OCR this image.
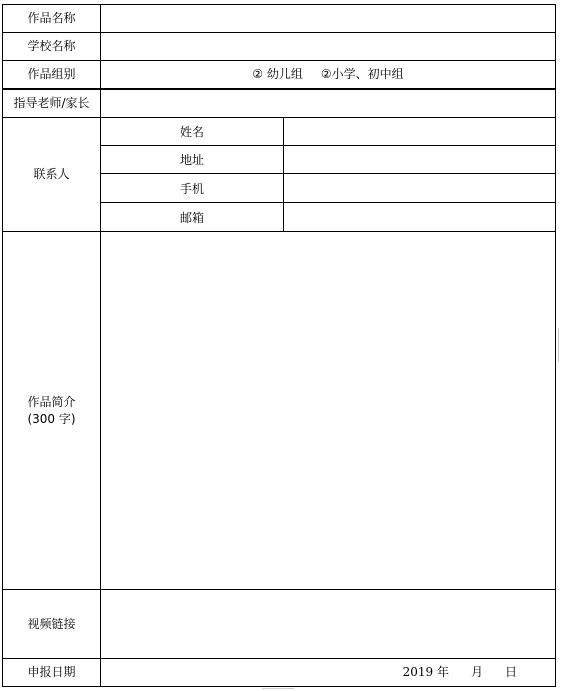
作品名称
学校名称
作品组别	② 幼儿组 ②小学、初中组
指导老师/家长
联系人
姓名
地址
手机
邮箱
作品简介
(300 字)
视频链接
申报日期	2019 年 月 日
